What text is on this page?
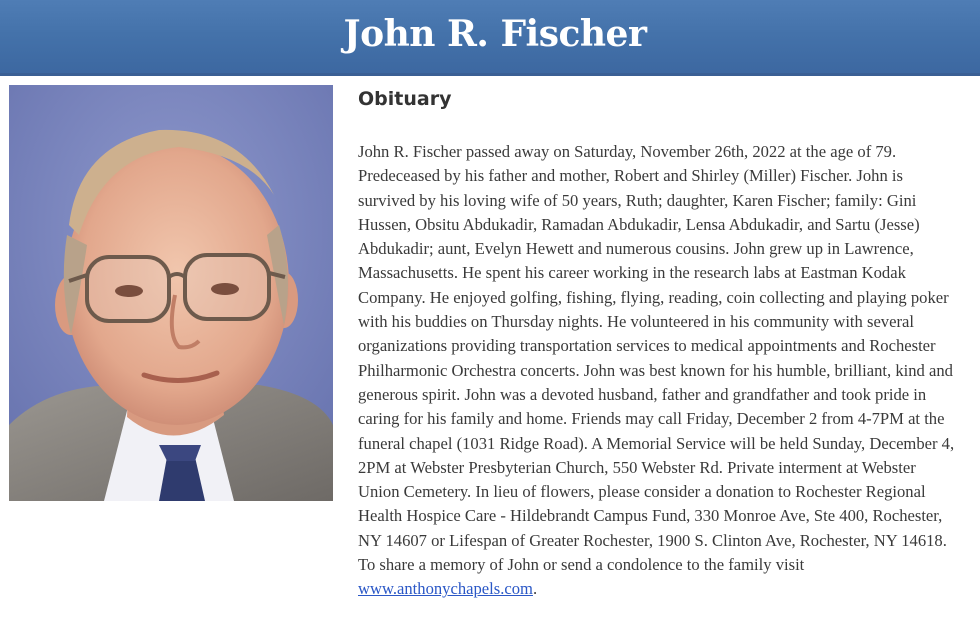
John R. Fischer
Obituary
John R. Fischer passed away on Saturday, November 26th, 2022 at the age of 79. Predeceased by his father and mother, Robert and Shirley (Miller) Fischer. John is survived by his loving wife of 50 years, Ruth; daughter, Karen Fischer; family: Gini Hussen, Obsitu Abdukadir, Ramadan Abdukadir, Lensa Abdukadir, and Sartu (Jesse) Abdukadir; aunt, Evelyn Hewett and numerous cousins. John grew up in Lawrence, Massachusetts. He spent his career working in the research labs at Eastman Kodak Company. He enjoyed golfing, fishing, flying, reading, coin collecting and playing poker with his buddies on Thursday nights. He volunteered in his community with several organizations providing transportation services to medical appointments and Rochester Philharmonic Orchestra concerts. John was best known for his humble, brilliant, kind and generous spirit. John was a devoted husband, father and grandfather and took pride in caring for his family and home. Friends may call Friday, December 2 from 4-7PM at the funeral chapel (1031 Ridge Road). A Memorial Service will be held Sunday, December 4, 2PM at Webster Presbyterian Church, 550 Webster Rd. Private interment at Webster Union Cemetery. In lieu of flowers, please consider a donation to Rochester Regional Health Hospice Care - Hildebrandt Campus Fund, 330 Monroe Ave, Ste 400, Rochester, NY 14607 or Lifespan of Greater Rochester, 1900 S. Clinton Ave, Rochester, NY 14618. To share a memory of John or send a condolence to the family visit www.anthonychapels.com.
